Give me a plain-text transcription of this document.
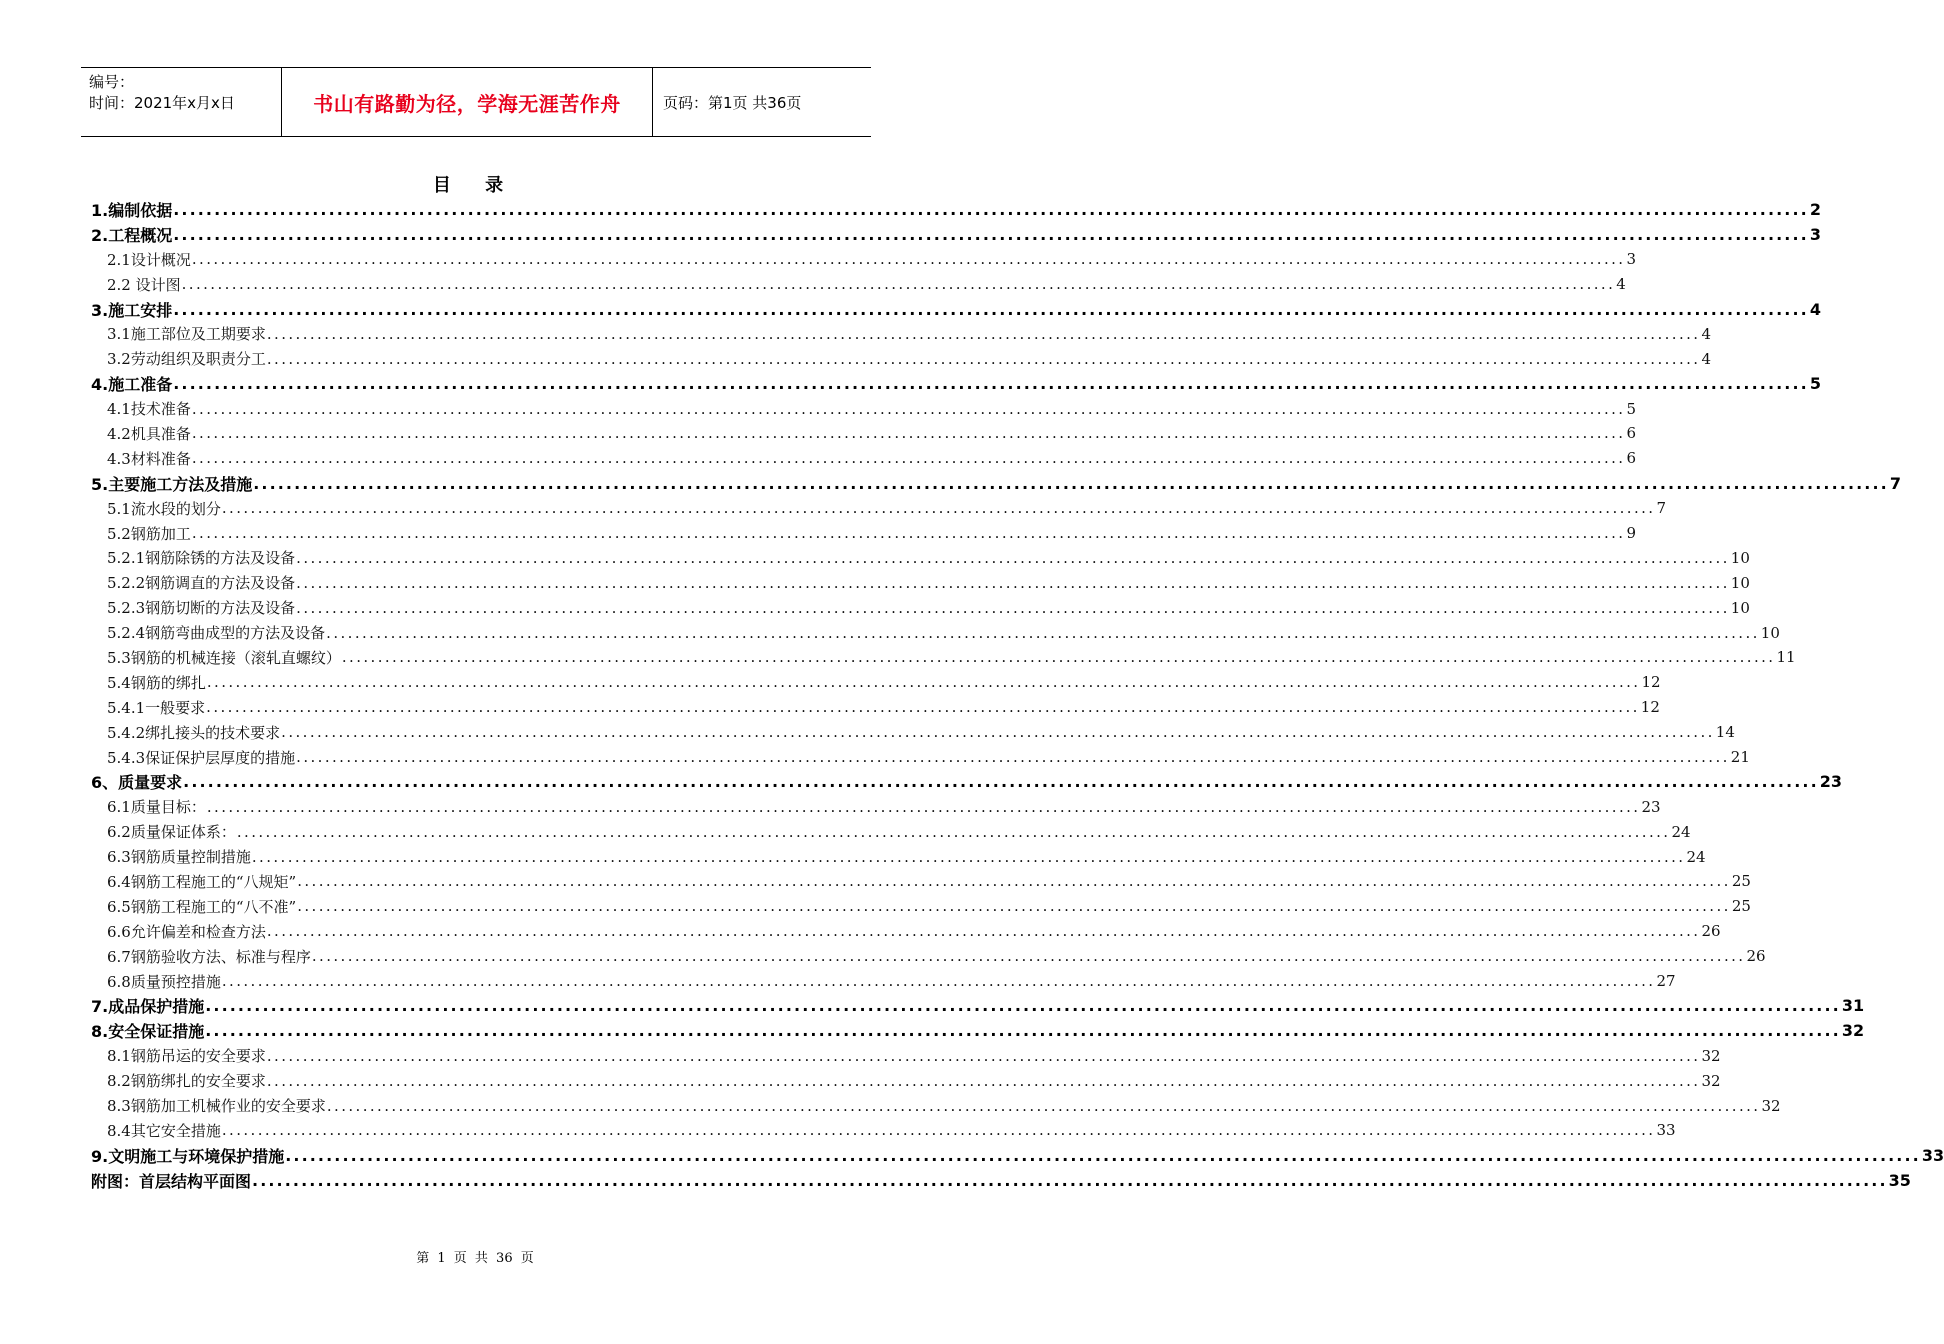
编号：
时间：2021年x月x日	书山有路勤为径，学海无涯苦作舟	页码：第1页 共36页
目 录
1.编制依据 ........................................................................................................................................................................................................ 2
2.工程概况 ........................................................................................................................................................................................................ 3
2.1设计概况 ........................................................................................................................................................................................................ 3
2.2 设计图 ........................................................................................................................................................................................................ 4
3.施工安排 ........................................................................................................................................................................................................ 4
3.1施工部位及工期要求 ........................................................................................................................................................................................................ 4
3.2劳动组织及职责分工 ........................................................................................................................................................................................................ 4
4.施工准备 ........................................................................................................................................................................................................ 5
4.1技术准备 ........................................................................................................................................................................................................ 5
4.2机具准备 ........................................................................................................................................................................................................ 6
4.3材料准备 ........................................................................................................................................................................................................ 6
5.主要施工方法及措施 ........................................................................................................................................................................................................ 7
5.1流水段的划分 ........................................................................................................................................................................................................ 7
5.2钢筋加工 ........................................................................................................................................................................................................ 9
5.2.1钢筋除锈的方法及设备 ........................................................................................................................................................................................................ 10
5.2.2钢筋调直的方法及设备 ........................................................................................................................................................................................................ 10
5.2.3钢筋切断的方法及设备 ........................................................................................................................................................................................................ 10
5.2.4钢筋弯曲成型的方法及设备 ........................................................................................................................................................................................................ 10
5.3钢筋的机械连接（滚轧直螺纹） ........................................................................................................................................................................................................ 11
5.4钢筋的绑扎 ........................................................................................................................................................................................................ 12
5.4.1一般要求 ........................................................................................................................................................................................................ 12
5.4.2绑扎接头的技术要求 ........................................................................................................................................................................................................ 14
5.4.3保证保护层厚度的措施 ........................................................................................................................................................................................................ 21
6、质量要求 ........................................................................................................................................................................................................ 23
6.1质量目标： ........................................................................................................................................................................................................ 23
6.2质量保证体系： ........................................................................................................................................................................................................ 24
6.3钢筋质量控制措施 ........................................................................................................................................................................................................ 24
6.4钢筋工程施工的“八规矩” ........................................................................................................................................................................................................ 25
6.5钢筋工程施工的“八不准” ........................................................................................................................................................................................................ 25
6.6允许偏差和检查方法 ........................................................................................................................................................................................................ 26
6.7钢筋验收方法、标准与程序 ........................................................................................................................................................................................................ 26
6.8质量预控措施 ........................................................................................................................................................................................................ 27
7.成品保护措施 ........................................................................................................................................................................................................ 31
8.安全保证措施 ........................................................................................................................................................................................................ 32
8.1钢筋吊运的安全要求 ........................................................................................................................................................................................................ 32
8.2钢筋绑扎的安全要求 ........................................................................................................................................................................................................ 32
8.3钢筋加工机械作业的安全要求 ........................................................................................................................................................................................................ 32
8.4其它安全措施 ........................................................................................................................................................................................................ 33
9.文明施工与环境保护措施 ........................................................................................................................................................................................................ 33
附图：首层结构平面图 ........................................................................................................................................................................................................ 35
第 1 页 共 36 页
